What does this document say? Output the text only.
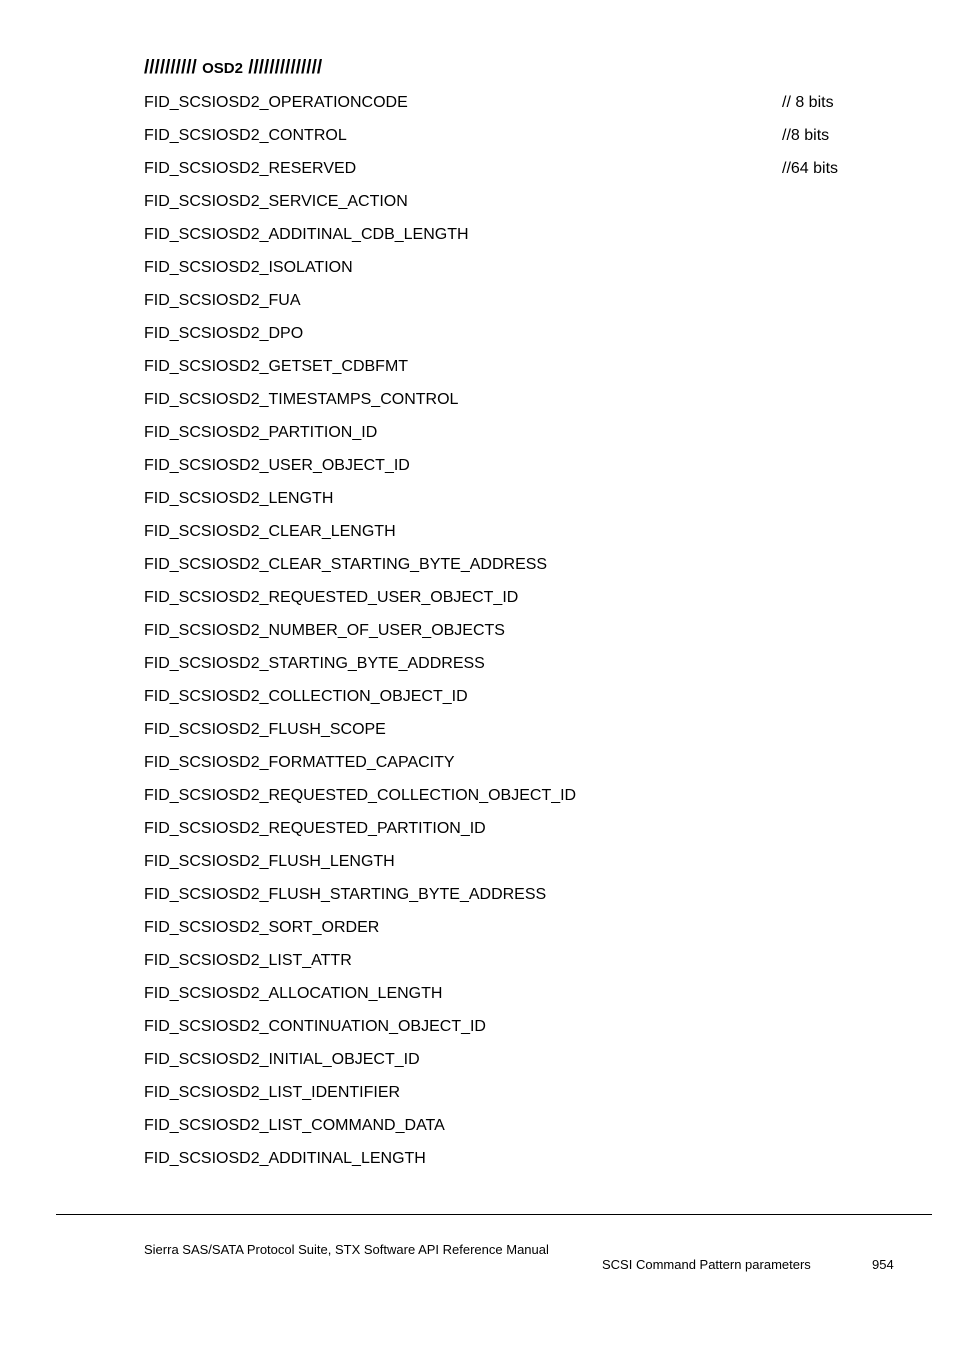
////////// OSD2 //////////////
FID_SCSIOSD2_OPERATIONCODE	// 8 bits
FID_SCSIOSD2_CONTROL	//8 bits
FID_SCSIOSD2_RESERVED	//64 bits
FID_SCSIOSD2_SERVICE_ACTION
FID_SCSIOSD2_ADDITINAL_CDB_LENGTH
FID_SCSIOSD2_ISOLATION
FID_SCSIOSD2_FUA
FID_SCSIOSD2_DPO
FID_SCSIOSD2_GETSET_CDBFMT
FID_SCSIOSD2_TIMESTAMPS_CONTROL
FID_SCSIOSD2_PARTITION_ID
FID_SCSIOSD2_USER_OBJECT_ID
FID_SCSIOSD2_LENGTH
FID_SCSIOSD2_CLEAR_LENGTH
FID_SCSIOSD2_CLEAR_STARTING_BYTE_ADDRESS
FID_SCSIOSD2_REQUESTED_USER_OBJECT_ID
FID_SCSIOSD2_NUMBER_OF_USER_OBJECTS
FID_SCSIOSD2_STARTING_BYTE_ADDRESS
FID_SCSIOSD2_COLLECTION_OBJECT_ID
FID_SCSIOSD2_FLUSH_SCOPE
FID_SCSIOSD2_FORMATTED_CAPACITY
FID_SCSIOSD2_REQUESTED_COLLECTION_OBJECT_ID
FID_SCSIOSD2_REQUESTED_PARTITION_ID
FID_SCSIOSD2_FLUSH_LENGTH
FID_SCSIOSD2_FLUSH_STARTING_BYTE_ADDRESS
FID_SCSIOSD2_SORT_ORDER
FID_SCSIOSD2_LIST_ATTR
FID_SCSIOSD2_ALLOCATION_LENGTH
FID_SCSIOSD2_CONTINUATION_OBJECT_ID
FID_SCSIOSD2_INITIAL_OBJECT_ID
FID_SCSIOSD2_LIST_IDENTIFIER
FID_SCSIOSD2_LIST_COMMAND_DATA
FID_SCSIOSD2_ADDITINAL_LENGTH
Sierra SAS/SATA Protocol Suite, STX Software API Reference Manual
SCSI Command Pattern parameters	954
